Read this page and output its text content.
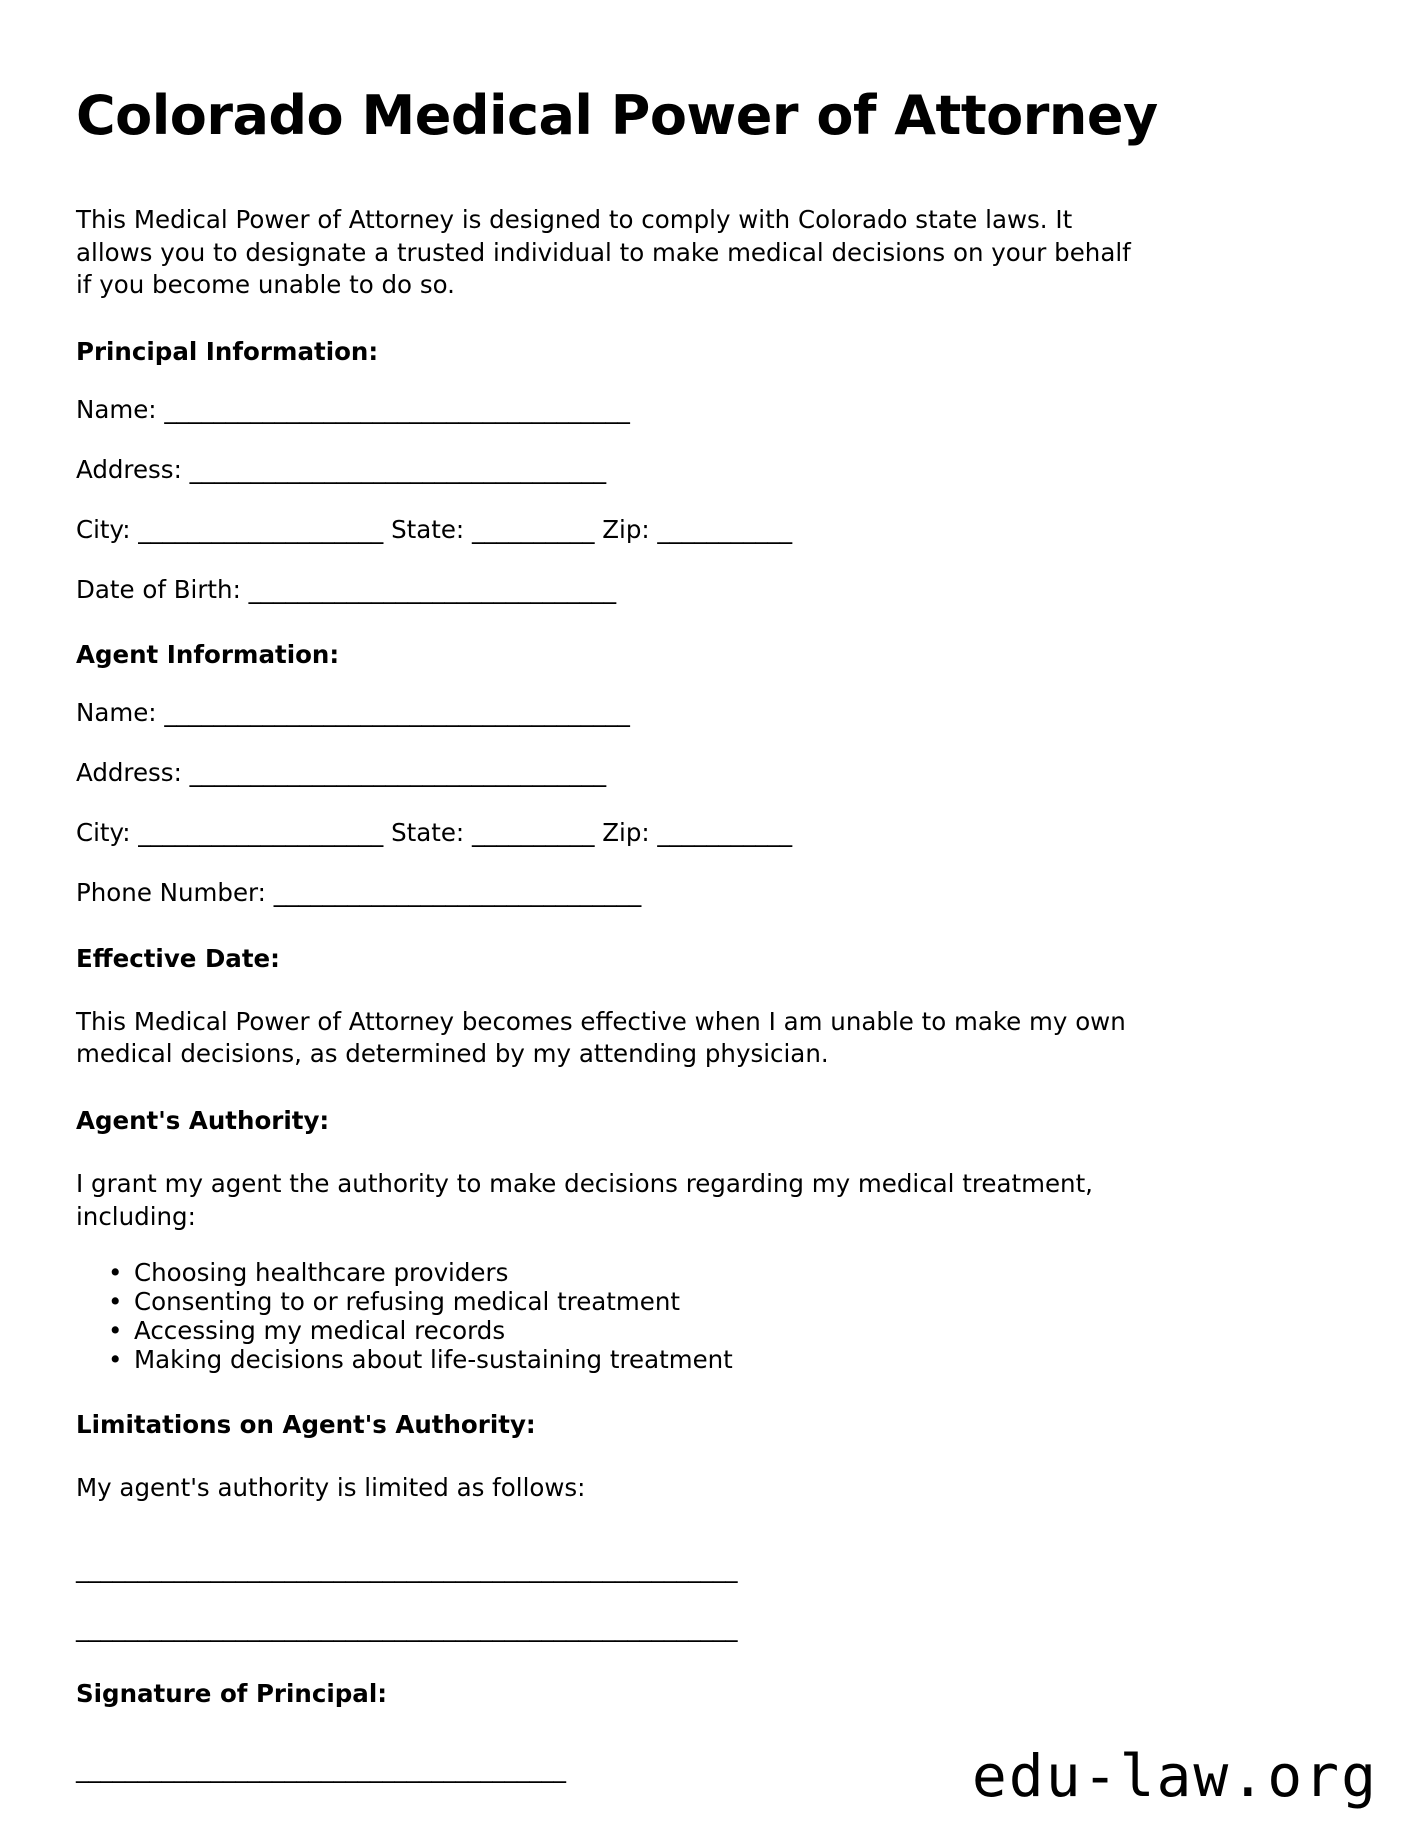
Colorado Medical Power of Attorney

This Medical Power of Attorney is designed to comply with Colorado state laws. It allows you to designate a trusted individual to make medical decisions on your behalf if you become unable to do so.

Principal Information:
Name: ______________________________________
Address: __________________________________
City: ____________________ State: __________ Zip: ___________
Date of Birth: ______________________________
Agent Information:
Name: ______________________________________
Address: __________________________________
City: ____________________ State: __________ Zip: ___________
Phone Number: ______________________________
Effective Date:

This Medical Power of Attorney becomes effective when I am unable to make my own medical decisions, as determined by my attending physician.

Agent's Authority:

I grant my agent the authority to make decisions regarding my medical treatment, including:

• Choosing healthcare providers
• Consenting to or refusing medical treatment
• Accessing my medical records
• Making decisions about life-sustaining treatment
Limitations on Agent's Authority:

My agent's authority is limited as follows:

______________________________________________________
______________________________________________________
Signature of Principal:
________________________________________	edu-law.org
